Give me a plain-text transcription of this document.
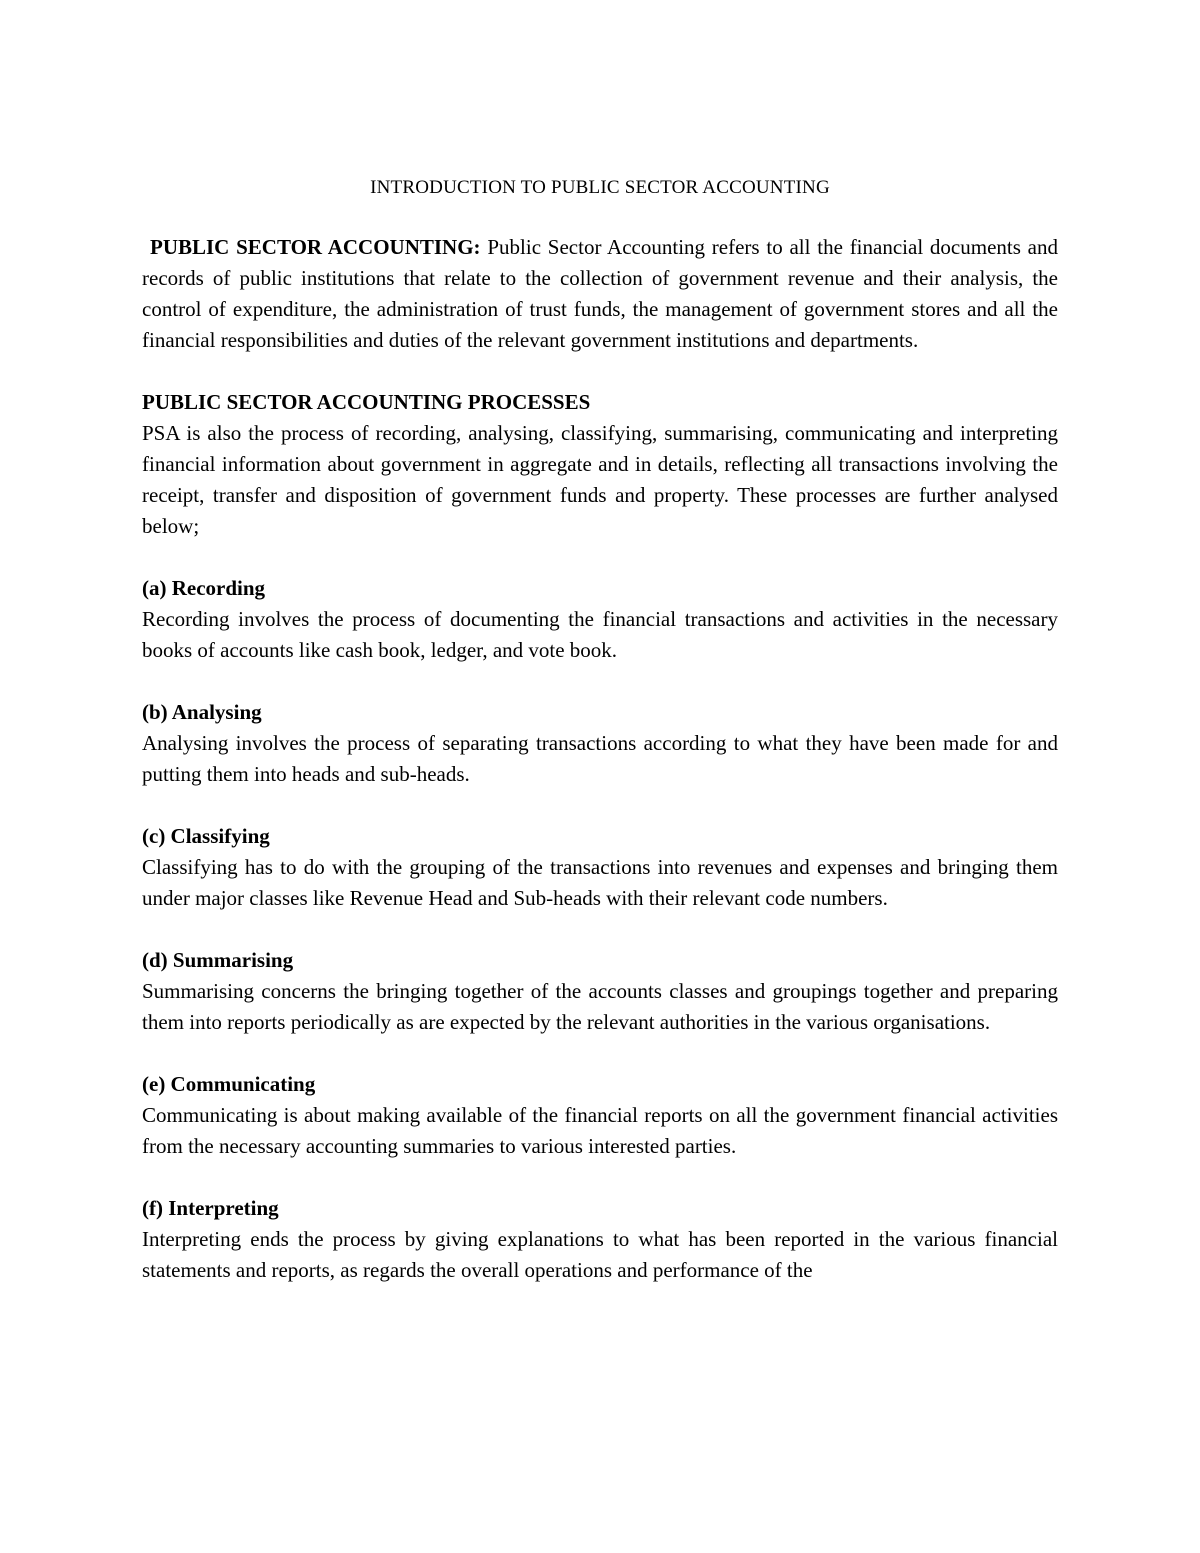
INTRODUCTION TO PUBLIC SECTOR ACCOUNTING

PUBLIC SECTOR ACCOUNTING: Public Sector Accounting refers to all the financial documents and records of public institutions that relate to the collection of government revenue and their analysis, the control of expenditure, the administration of trust funds, the management of government stores and all the financial responsibilities and duties of the relevant government institutions and departments.

PUBLIC SECTOR ACCOUNTING PROCESSES

PSA is also the process of recording, analysing, classifying, summarising, communicating and interpreting financial information about government in aggregate and in details, reflecting all transactions involving the receipt, transfer and disposition of government funds and property. These processes are further analysed below;

(a) Recording

Recording involves the process of documenting the financial transactions and activities in the necessary books of accounts like cash book, ledger, and vote book.

(b) Analysing

Analysing involves the process of separating transactions according to what they have been made for and putting them into heads and sub-heads.

(c) Classifying

Classifying has to do with the grouping of the transactions into revenues and expenses and bringing them under major classes like Revenue Head and Sub-heads with their relevant code numbers.

(d) Summarising

Summarising concerns the bringing together of the accounts classes and groupings together and preparing them into reports periodically as are expected by the relevant authorities in the various organisations.

(e) Communicating

Communicating is about making available of the financial reports on all the government financial activities from the necessary accounting summaries to various interested parties.

(f) Interpreting

Interpreting ends the process by giving explanations to what has been reported in the various financial statements and reports, as regards the overall operations and performance of the
